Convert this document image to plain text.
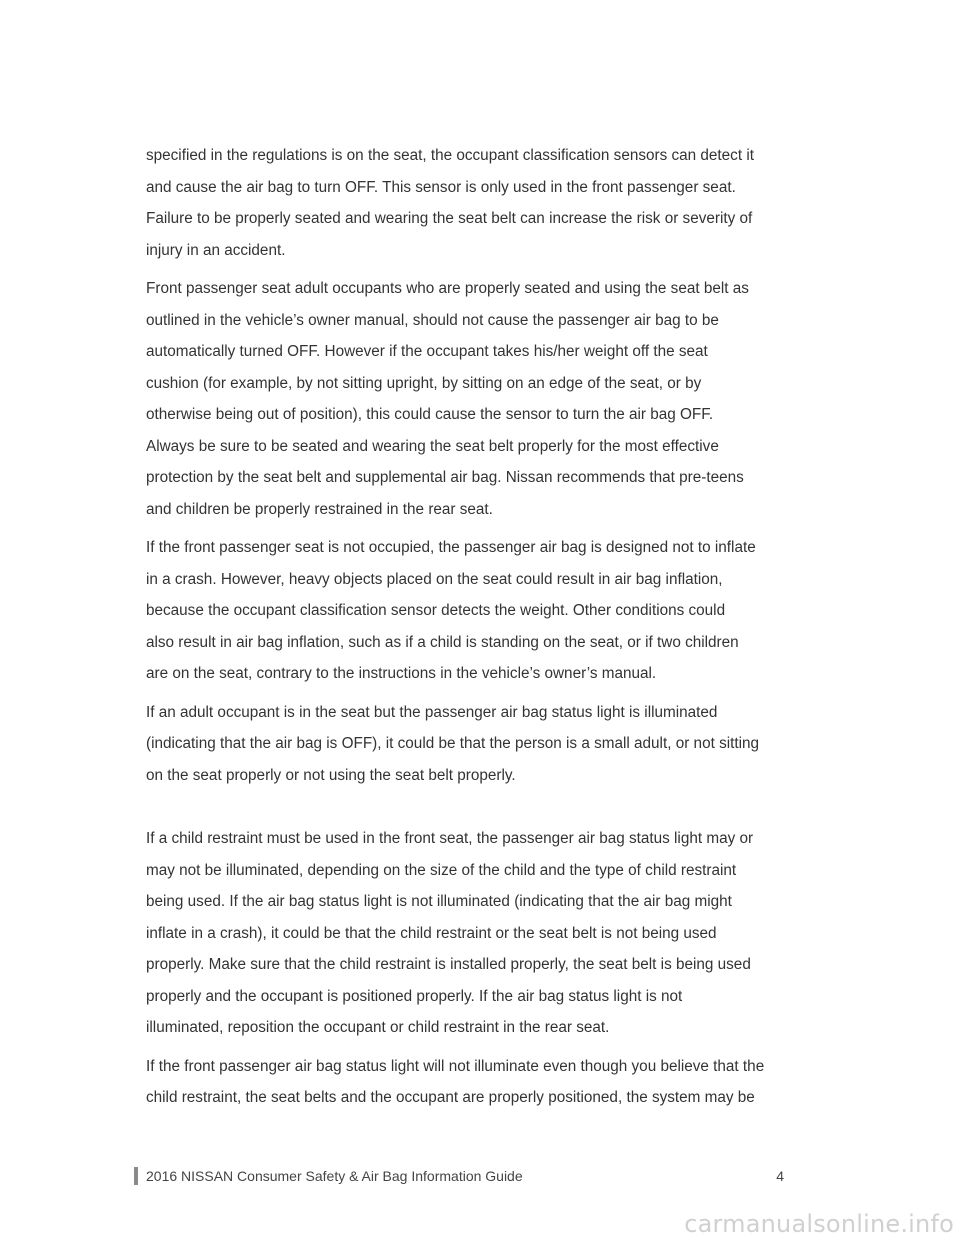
specified in the regulations is on the seat, the occupant classification sensors can detect it
and cause the air bag to turn OFF. This sensor is only used in the front passenger seat.
Failure to be properly seated and wearing the seat belt can increase the risk or severity of
injury in an accident.

Front passenger seat adult occupants who are properly seated and using the seat belt as
outlined in the vehicle’s owner manual, should not cause the passenger air bag to be
automatically turned OFF. However if the occupant takes his/her weight off the seat
cushion (for example, by not sitting upright, by sitting on an edge of the seat, or by
otherwise being out of position), this could cause the sensor to turn the air bag OFF.
Always be sure to be seated and wearing the seat belt properly for the most effective
protection by the seat belt and supplemental air bag. Nissan recommends that pre-teens
and children be properly restrained in the rear seat.

If the front passenger seat is not occupied, the passenger air bag is designed not to inflate
in a crash. However, heavy objects placed on the seat could result in air bag inflation,
because the occupant classification sensor detects the weight. Other conditions could
also result in air bag inflation, such as if a child is standing on the seat, or if two children
are on the seat, contrary to the instructions in the vehicle’s owner’s manual.

If an adult occupant is in the seat but the passenger air bag status light is illuminated
(indicating that the air bag is OFF), it could be that the person is a small adult, or not sitting
on the seat properly or not using the seat belt properly.

If a child restraint must be used in the front seat, the passenger air bag status light may or
may not be illuminated, depending on the size of the child and the type of child restraint
being used. If the air bag status light is not illuminated (indicating that the air bag might
inflate in a crash), it could be that the child restraint or the seat belt is not being used
properly. Make sure that the child restraint is installed properly, the seat belt is being used
properly and the occupant is positioned properly. If the air bag status light is not
illuminated, reposition the occupant or child restraint in the rear seat.

If the front passenger air bag status light will not illuminate even though you believe that the
child restraint, the seat belts and the occupant are properly positioned, the system may be

2016 NISSAN Consumer Safety & Air Bag Information Guide	4
carmanualsonline.info
